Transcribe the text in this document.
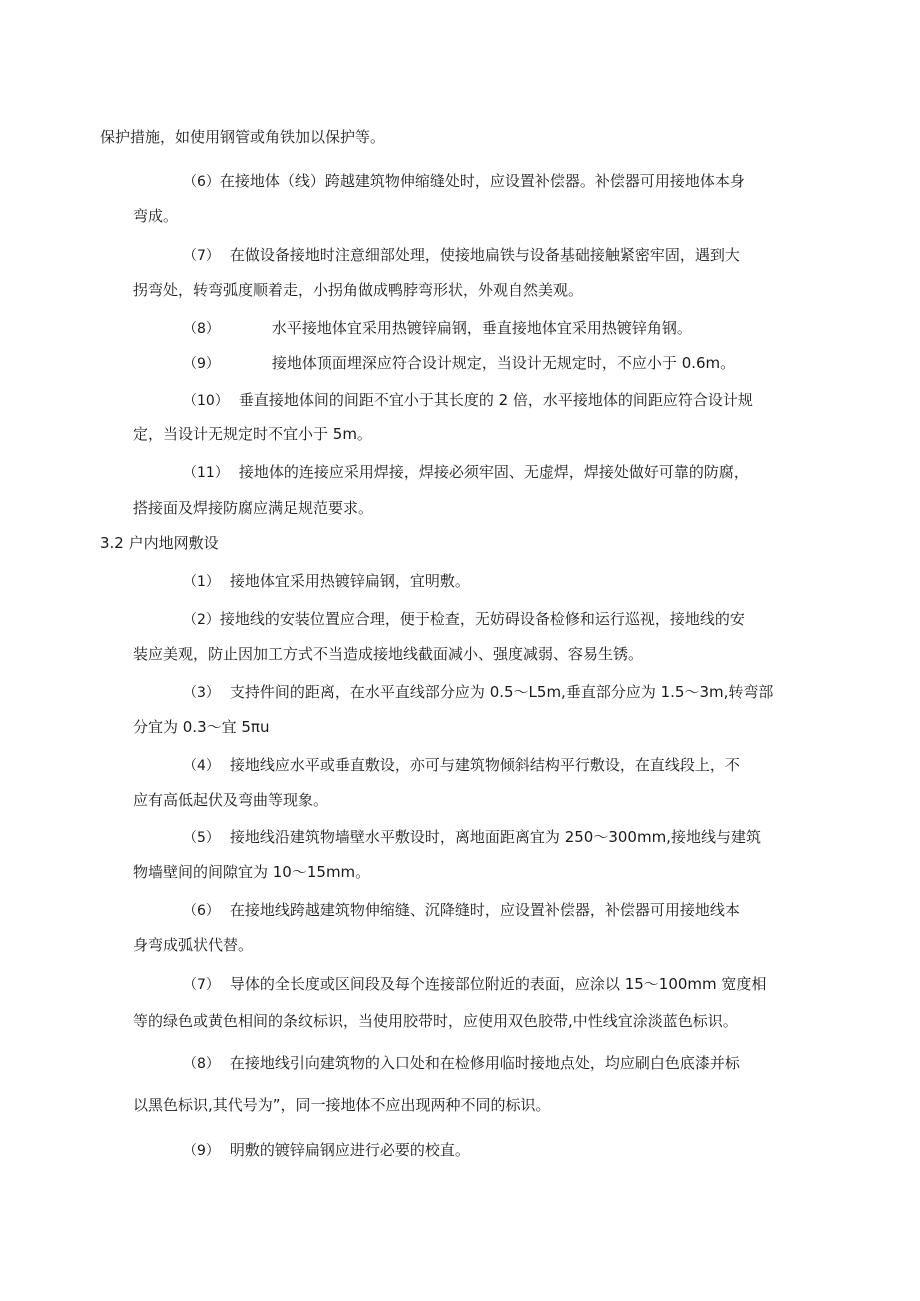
保护措施，如使用钢管或角铁加以保护等。
（6）在接地体（线）跨越建筑物伸缩缝处时，应设置补偿器。补偿器可用接地体本身
弯成。
（7） 在做设备接地时注意细部处理，使接地扁铁与设备基础接触紧密牢固，遇到大
拐弯处，转弯弧度顺着走，小拐角做成鸭脖弯形状，外观自然美观。
（8）	水平接地体宜采用热镀锌扁钢，垂直接地体宜采用热镀锌角钢。
（9）	接地体顶面埋深应符合设计规定，当设计无规定时，不应小于 0.6m。
（10） 垂直接地体间的间距不宜小于其长度的 2 倍，水平接地体的间距应符合设计规
定，当设计无规定时不宜小于 5m。
（11） 接地体的连接应采用焊接，焊接必须牢固、无虚焊，焊接处做好可靠的防腐，
搭接面及焊接防腐应满足规范要求。
3.2 户内地网敷设
（1） 接地体宜采用热镀锌扁钢，宜明敷。
（2）接地线的安装位置应合理，便于检查，无妨碍设备检修和运行巡视，接地线的安
装应美观，防止因加工方式不当造成接地线截面减小、强度减弱、容易生锈。
（3） 支持件间的距离，在水平直线部分应为 0.5～L5m,垂直部分应为 1.5～3m,转弯部
分宜为 0.3～宜 5πu
（4） 接地线应水平或垂直敷设，亦可与建筑物倾斜结构平行敷设，在直线段上，不
应有高低起伏及弯曲等现象。
（5） 接地线沿建筑物墙壁水平敷设时，离地面距离宜为 250～300mm,接地线与建筑
物墙壁间的间隙宜为 10～15mm。
（6） 在接地线跨越建筑物伸缩缝、沉降缝时，应设置补偿器，补偿器可用接地线本
身弯成弧状代替。
（7） 导体的全长度或区间段及每个连接部位附近的表面，应涂以 15～100mm 宽度相
等的绿色或黄色相间的条纹标识，当使用胶带时，应使用双色胶带,中性线宜涂淡蓝色标识。
（8） 在接地线引向建筑物的入口处和在检修用临时接地点处，均应刷白色底漆并标
以黑色标识,其代号为”，同一接地体不应出现两种不同的标识。
（9） 明敷的镀锌扁钢应进行必要的校直。
